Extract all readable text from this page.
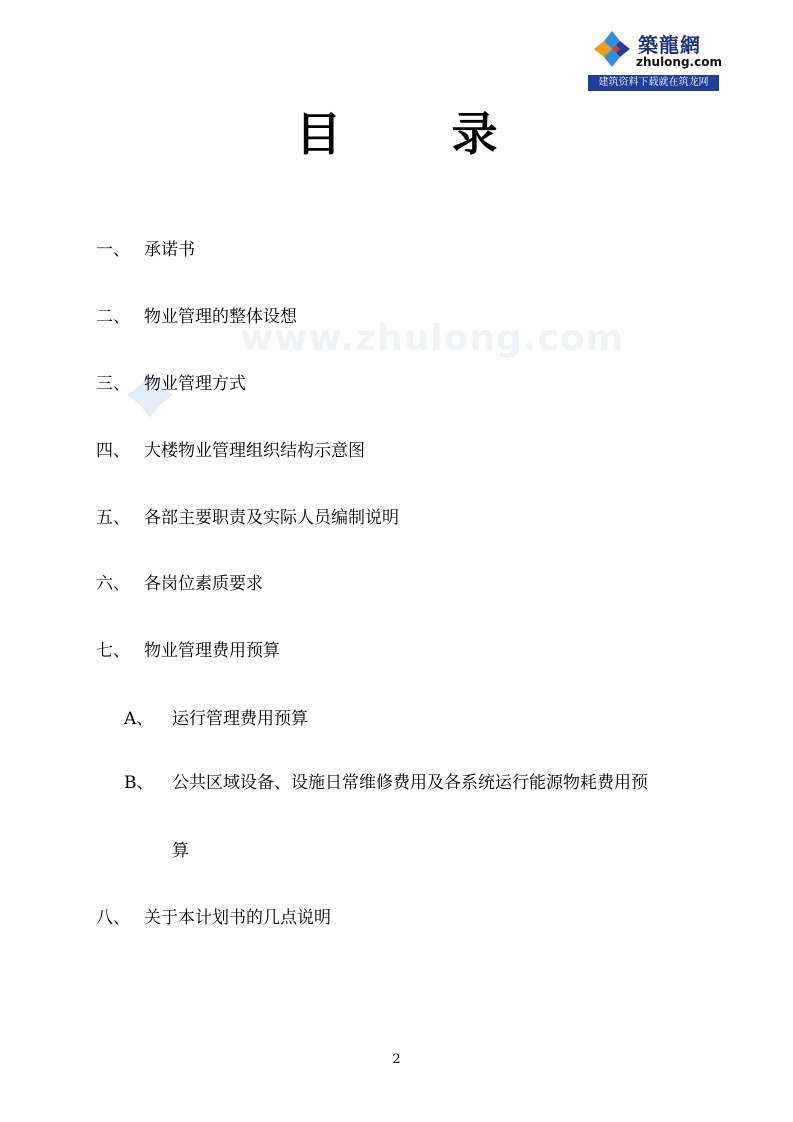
築龍網
zhulong.com
建筑资料下载就在筑龙网
www.zhulong.com
目 录
一、 承诺书
二、 物业管理的整体设想
三、 物业管理方式
四、 大楼物业管理组织结构示意图
五、 各部主要职责及实际人员编制说明
六、 各岗位素质要求
七、 物业管理费用预算
A、 运行管理费用预算
B、 公共区域设备、设施日常维修费用及各系统运行能源物耗费用预
算
八、 关于本计划书的几点说明
2
